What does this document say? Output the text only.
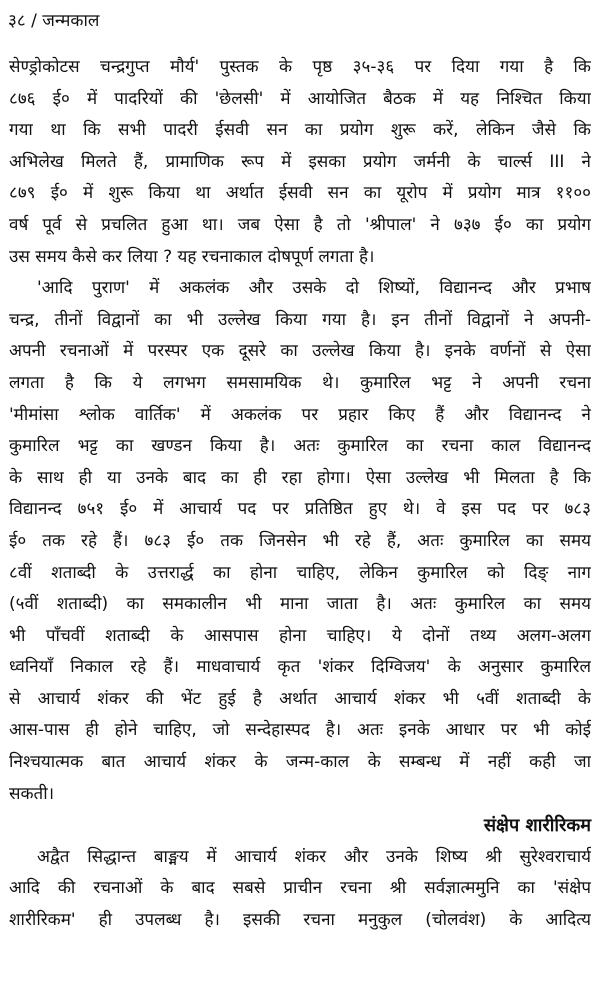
३८ / जन्मकाल
सेण्ड्रोकोटस चन्द्रगुप्त मौर्य' पुस्तक के पृष्ठ ३५-३६ पर दिया गया है कि
८७६ ई० में पादरियों की 'छेलसी' में आयोजित बैठक में यह निश्चित किया
गया था कि सभी पादरी ईसवी सन का प्रयोग शुरू करें, लेकिन जैसे कि
अभिलेख मिलते हैं, प्रामाणिक रूप में इसका प्रयोग जर्मनी के चार्ल्स III ने
८७९ ई० में शुरू किया था अर्थात ईसवी सन का यूरोप में प्रयोग मात्र ११००
वर्ष पूर्व से प्रचलित हुआ था। जब ऐसा है तो 'श्रीपाल' ने ७३७ ई० का प्रयोग
उस समय कैसे कर लिया ? यह रचनाकाल दोषपूर्ण लगता है।
'आदि पुराण' में अकलंक और उसके दो शिष्यों, विद्यानन्द और प्रभाष
चन्द्र, तीनों विद्वानों का भी उल्लेख किया गया है। इन तीनों विद्वानों ने अपनी-
अपनी रचनाओं में परस्पर एक दूसरे का उल्लेख किया है। इनके वर्णनों से ऐसा
लगता है कि ये लगभग समसामयिक थे। कुमारिल भट्ट ने अपनी रचना
'मीमांसा श्लोक वार्तिक' में अकलंक पर प्रहार किए हैं और विद्यानन्द ने
कुमारिल भट्ट का खण्डन किया है। अतः कुमारिल का रचना काल विद्यानन्द
के साथ ही या उनके बाद का ही रहा होगा। ऐसा उल्लेख भी मिलता है कि
विद्यानन्द ७५१ ई० में आचार्य पद पर प्रतिष्ठित हुए थे। वे इस पद पर ७८३
ई० तक रहे हैं। ७८३ ई० तक जिनसेन भी रहे हैं, अतः कुमारिल का समय
८वीं शताब्दी के उत्तरार्द्ध का होना चाहिए, लेकिन कुमारिल को दिङ् नाग
(५वीं शताब्दी) का समकालीन भी माना जाता है। अतः कुमारिल का समय
भी पाँचवीं शताब्दी के आसपास होना चाहिए। ये दोनों तथ्य अलग-अलग
ध्वनियाँ निकाल रहे हैं। माधवाचार्य कृत 'शंकर दिग्विजय' के अनुसार कुमारिल
से आचार्य शंकर की भेंट हुई है अर्थात आचार्य शंकर भी ५वीं शताब्दी के
आस-पास ही होने चाहिए, जो सन्देहास्पद है। अतः इनके आधार पर भी कोई
निश्चयात्मक बात आचार्य शंकर के जन्म-काल के सम्बन्ध में नहीं कही जा
सकती।
संक्षेप शारीरिकम
अद्वैत सिद्धान्त बाङ्मय में आचार्य शंकर और उनके शिष्य श्री सुरेश्वराचार्य
आदि की रचनाओं के बाद सबसे प्राचीन रचना श्री सर्वज्ञात्ममुनि का 'संक्षेप
शारीरिकम' ही उपलब्ध है। इसकी रचना मनुकुल (चोलवंश) के आदित्य
